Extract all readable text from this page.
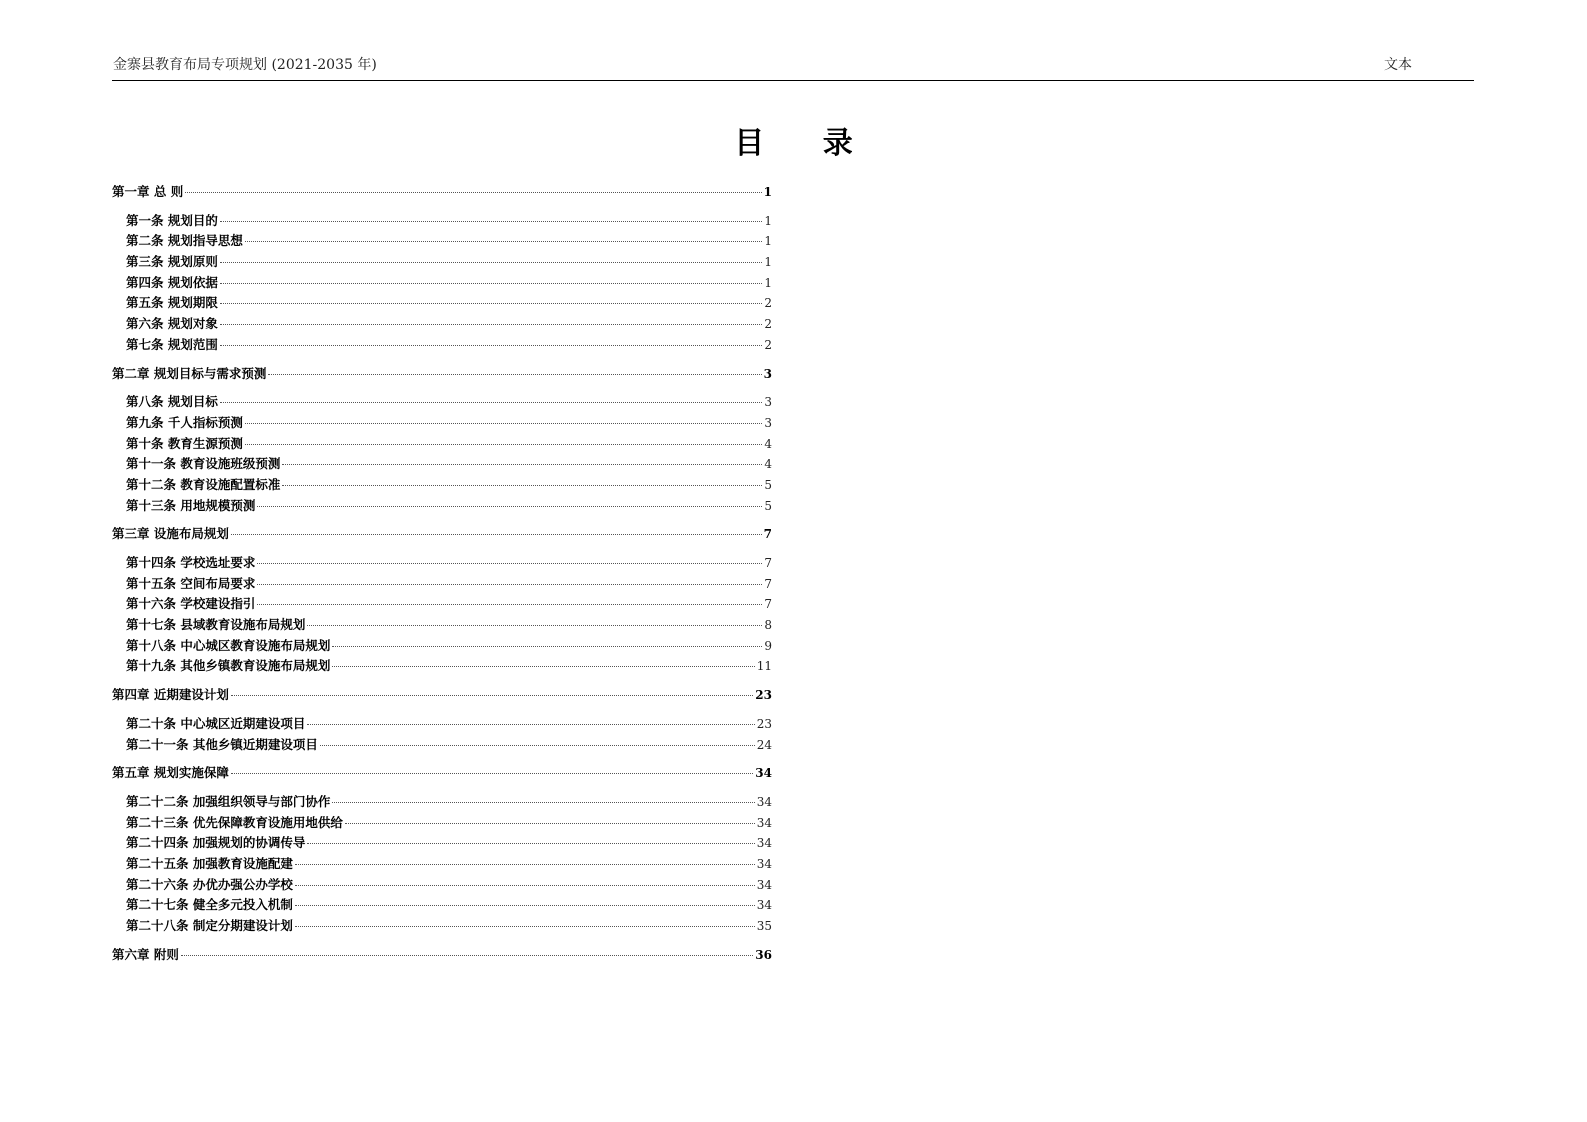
金寨县教育布局专项规划 (2021-2035 年)	文本
目 录
第一章 总 则	1
第一条 规划目的	1
第二条 规划指导思想	1
第三条 规划原则	1
第四条 规划依据	1
第五条 规划期限	2
第六条 规划对象	2
第七条 规划范围	2
第二章 规划目标与需求预测	3
第八条 规划目标	3
第九条 千人指标预测	3
第十条 教育生源预测	4
第十一条 教育设施班级预测	4
第十二条 教育设施配置标准	5
第十三条 用地规模预测	5
第三章 设施布局规划	7
第十四条 学校选址要求	7
第十五条 空间布局要求	7
第十六条 学校建设指引	7
第十七条 县域教育设施布局规划	8
第十八条 中心城区教育设施布局规划	9
第十九条 其他乡镇教育设施布局规划	11
第四章 近期建设计划	23
第二十条 中心城区近期建设项目	23
第二十一条 其他乡镇近期建设项目	24
第五章 规划实施保障	34
第二十二条 加强组织领导与部门协作	34
第二十三条 优先保障教育设施用地供给	34
第二十四条 加强规划的协调传导	34
第二十五条 加强教育设施配建	34
第二十六条 办优办强公办学校	34
第二十七条 健全多元投入机制	34
第二十八条 制定分期建设计划	35
第六章 附则	36
